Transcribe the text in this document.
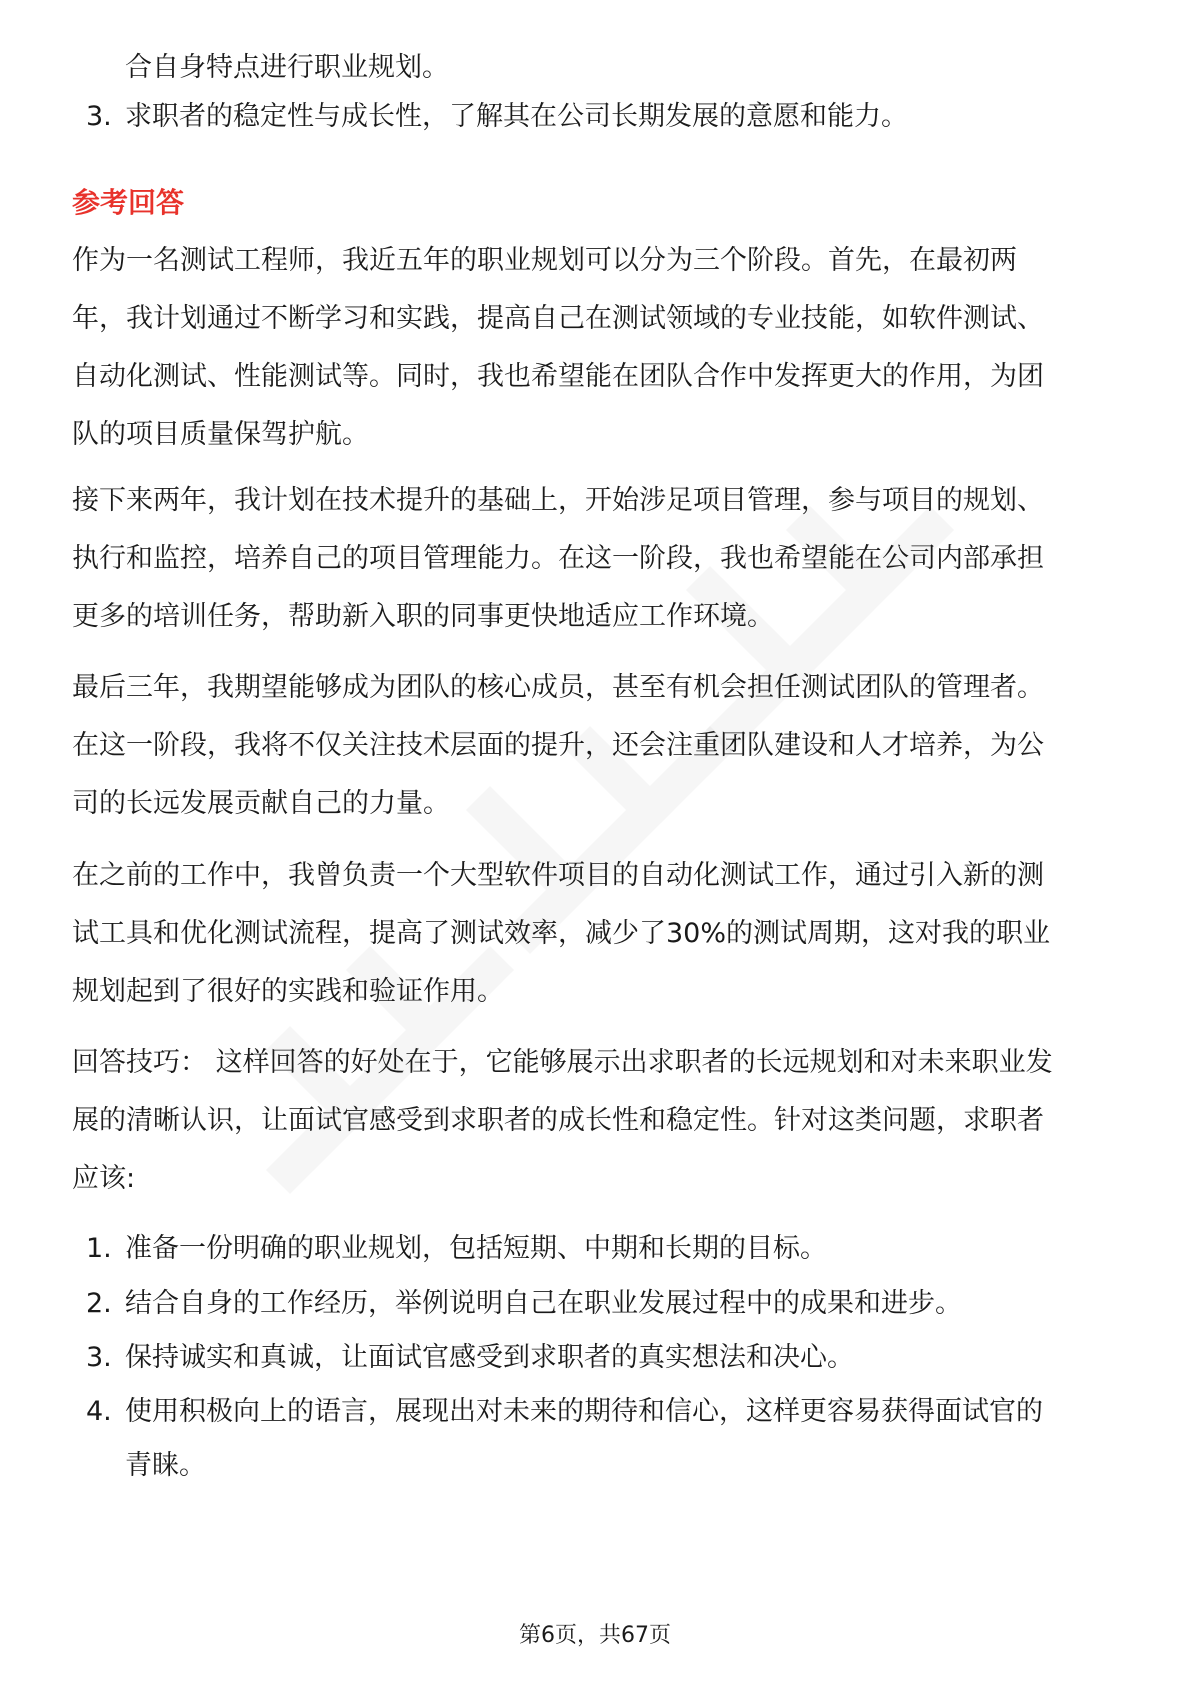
合自身特点进行职业规划。
3. 求职者的稳定性与成长性，了解其在公司长期发展的意愿和能力。
参考回答
作为一名测试工程师，我近五年的职业规划可以分为三个阶段。首先，在最初两
年，我计划通过不断学习和实践，提高自己在测试领域的专业技能，如软件测试、
自动化测试、性能测试等。同时，我也希望能在团队合作中发挥更大的作用，为团
队的项目质量保驾护航。
接下来两年，我计划在技术提升的基础上，开始涉足项目管理，参与项目的规划、
执行和监控，培养自己的项目管理能力。在这一阶段，我也希望能在公司内部承担
更多的培训任务，帮助新入职的同事更快地适应工作环境。
最后三年，我期望能够成为团队的核心成员，甚至有机会担任测试团队的管理者。
在这一阶段，我将不仅关注技术层面的提升，还会注重团队建设和人才培养，为公
司的长远发展贡献自己的力量。
在之前的工作中，我曾负责一个大型软件项目的自动化测试工作，通过引入新的测
试工具和优化测试流程，提高了测试效率，减少了30%的测试周期，这对我的职业
规划起到了很好的实践和验证作用。
回答技巧： 这样回答的好处在于，它能够展示出求职者的长远规划和对未来职业发
展的清晰认识，让面试官感受到求职者的成长性和稳定性。针对这类问题，求职者
应该:
1. 准备一份明确的职业规划，包括短期、中期和长期的目标。
2. 结合自身的工作经历，举例说明自己在职业发展过程中的成果和进步。
3. 保持诚实和真诚，让面试官感受到求职者的真实想法和决心。
4. 使用积极向上的语言，展现出对未来的期待和信心，这样更容易获得面试官的
青睐。
第6页，共67页
